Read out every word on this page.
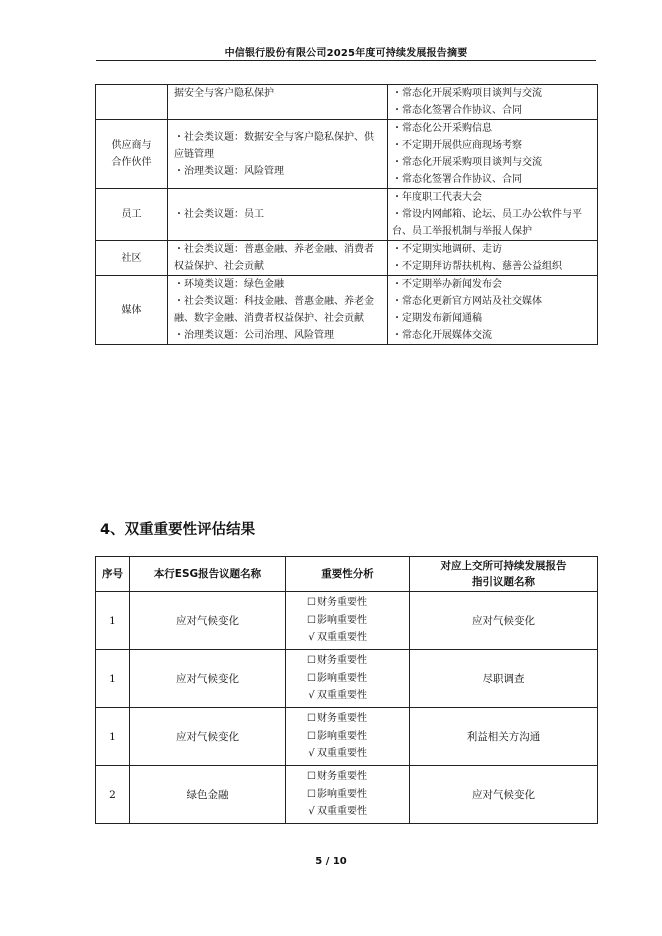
中信银行股份有限公司2025年度可持续发展报告摘要

	据安全与客户隐私保护	・常态化开展采购项目谈判与交流
・常态化签署合作协议、合同

供应商与合作伙伴	・社会类议题：数据安全与客户隐私保护、供应链管理
・治理类议题：风险管理	・常态化公开采购信息
・不定期开展供应商现场考察
・常态化开展采购项目谈判与交流
・常态化签署合作协议、合同

员工	・社会类议题：员工	・年度职工代表大会
・常设内网邮箱、论坛、员工办公软件与平台、员工举报机制与举报人保护

社区	・社会类议题：普惠金融、养老金融、消费者权益保护、社会贡献	・不定期实地调研、走访
・不定期拜访帮扶机构、慈善公益组织

媒体	・环境类议题：绿色金融
・社会类议题：科技金融、普惠金融、养老金融、数字金融、消费者权益保护、社会贡献
・治理类议题：公司治理、风险管理	・不定期举办新闻发布会
・常态化更新官方网站及社交媒体
・定期发布新闻通稿
・常态化开展媒体交流
4、双重重要性评估结果
序号	本行ESG报告议题名称	重要性分析	对应上交所可持续发展报告
指引议题名称

1	应对气候变化	☐财务重要性
☐影响重要性
√ 双重重要性	应对气候变化
1	应对气候变化	☐财务重要性
☐影响重要性
√ 双重重要性	尽职调查
1	应对气候变化	☐财务重要性
☐影响重要性
√ 双重重要性	利益相关方沟通
2	绿色金融	☐财务重要性
☐影响重要性
√ 双重重要性	应对气候变化
5 / 10
